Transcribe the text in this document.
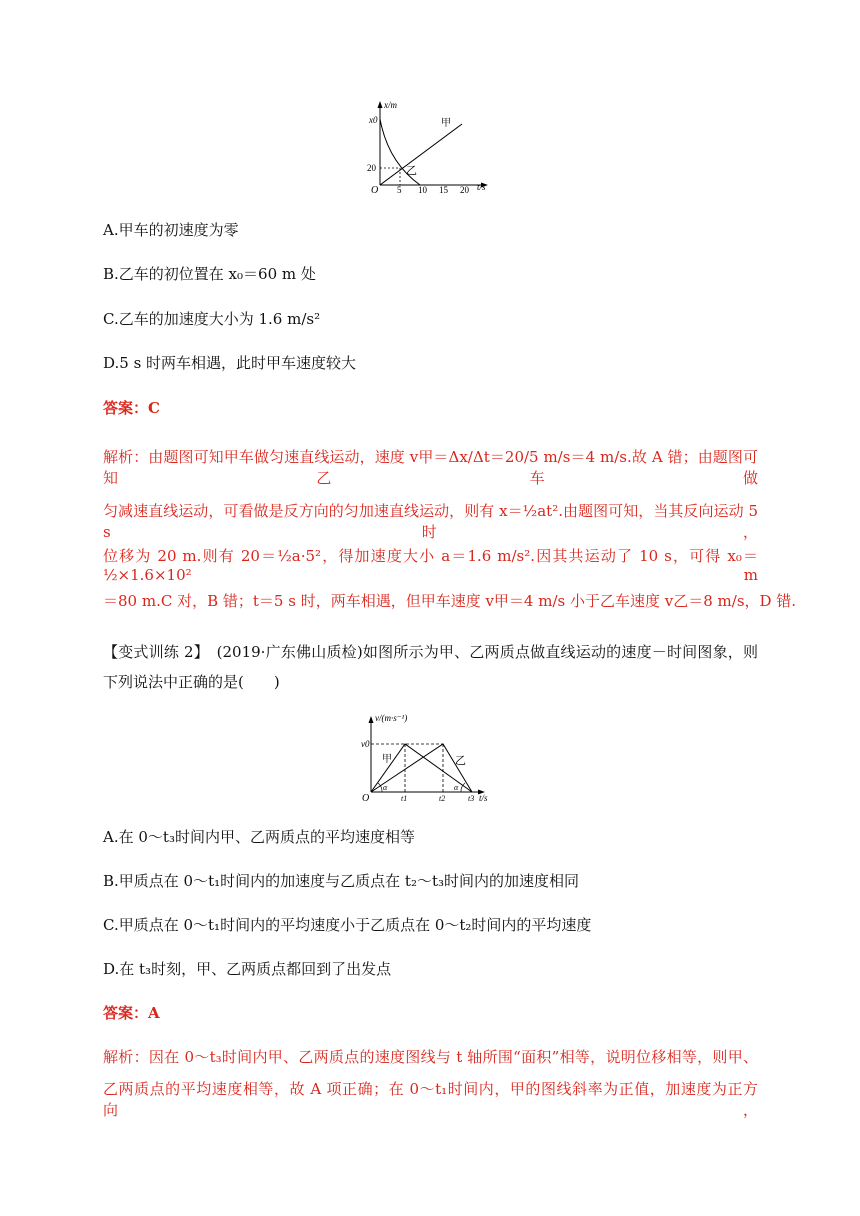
x/m
x0
20
O 5 10 15 20 t/s
甲
乙
A.甲车的初速度为零
B.乙车的初位置在 x₀＝60 m 处
C.乙车的加速度大小为 1.6 m/s²
D.5 s 时两车相遇，此时甲车速度较大
答案：C
解析：由题图可知甲车做匀速直线运动，速度 v甲＝Δx/Δt＝20/5 m/s＝4 m/s.故 A 错；由题图可知乙车做
匀减速直线运动，可看做是反方向的匀加速直线运动，则有 x＝½at².由题图可知，当其反向运动 5 s 时，
位移为 20 m.则有 20＝½a·5²，得加速度大小 a＝1.6 m/s².因其共运动了 10 s，可得 x₀＝½×1.6×10² m
＝80 m.C 对，B 错；t＝5 s 时，两车相遇，但甲车速度 v甲＝4 m/s 小于乙车速度 v乙＝8 m/s，D 错.
【变式训练 2】　(2019·广东佛山质检)如图所示为甲、乙两质点做直线运动的速度－时间图象，则
下列说法中正确的是(　　)
v/(m·s⁻¹)
v0
O	t1	t2	t3 t/s
甲	乙
α	α
A.在 0～t₃时间内甲、乙两质点的平均速度相等
B.甲质点在 0～t₁时间内的加速度与乙质点在 t₂～t₃时间内的加速度相同
C.甲质点在 0～t₁时间内的平均速度小于乙质点在 0～t₂时间内的平均速度
D.在 t₃时刻，甲、乙两质点都回到了出发点
答案：A
解析：因在 0～t₃时间内甲、乙两质点的速度图线与 t 轴所围“面积”相等，说明位移相等，则甲、
乙两质点的平均速度相等，故 A 项正确；在 0～t₁时间内，甲的图线斜率为正值，加速度为正方向，
